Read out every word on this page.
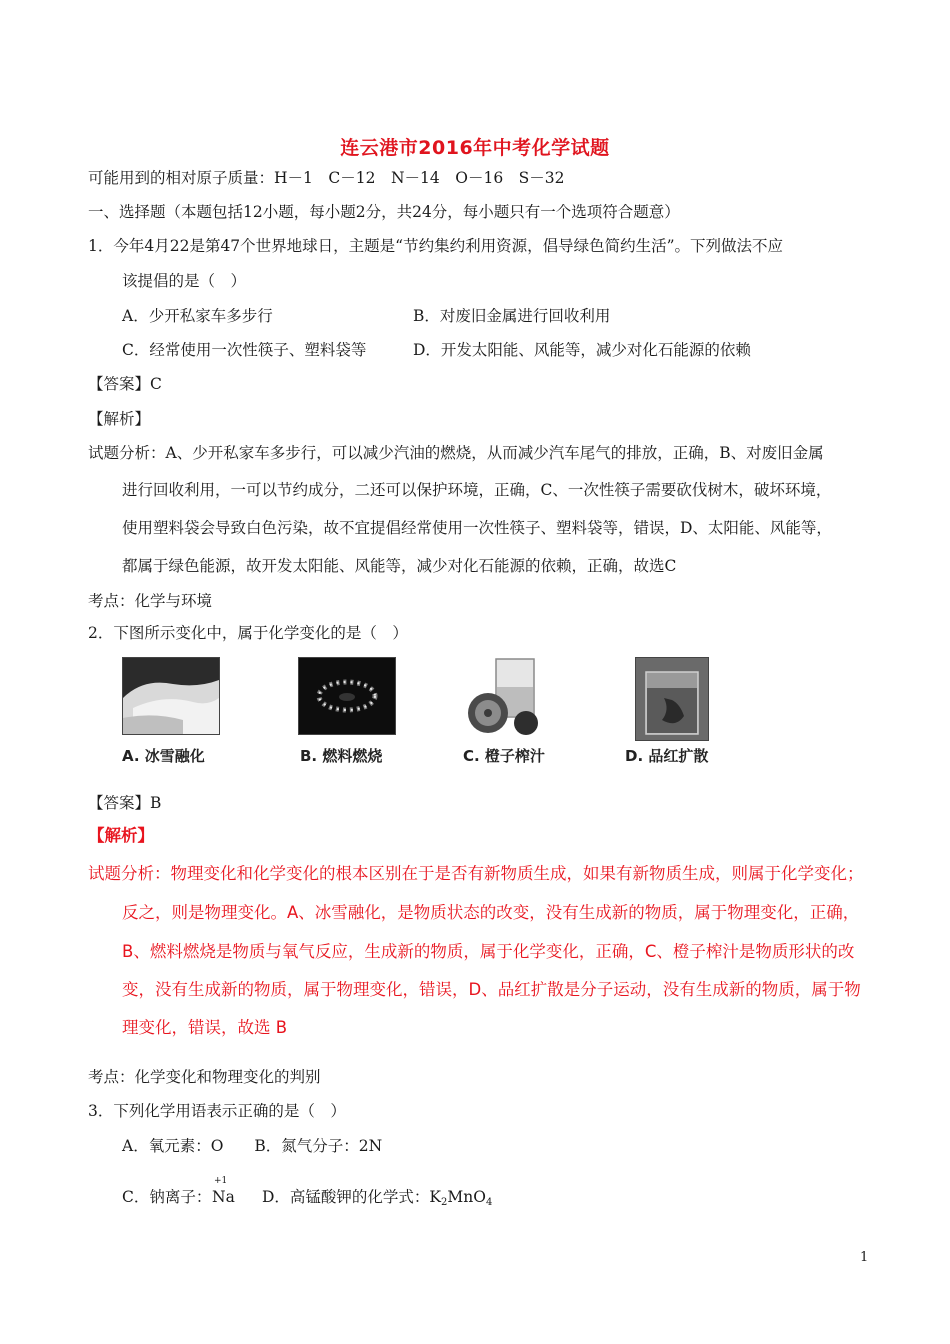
连云港市2016年中考化学试题
可能用到的相对原子质量：H－1　C－12　N－14　O－16　S－32
一、选择题（本题包括12小题，每小题2分，共24分，每小题只有一个选项符合题意）
1．今年4月22是第47个世界地球日，主题是“节约集约利用资源，倡导绿色简约生活”。下列做法不应
该提倡的是（　）
A．少开私家车多步行	B．对废旧金属进行回收利用
C．经常使用一次性筷子、塑料袋等	D．开发太阳能、风能等，减少对化石能源的依赖
【答案】C
【解析】
试题分析：A、少开私家车多步行，可以减少汽油的燃烧，从而减少汽车尾气的排放，正确，B、对废旧金属
进行回收利用，一可以节约成分，二还可以保护环境，正确，C、一次性筷子需要砍伐树木，破坏环境，
使用塑料袋会导致白色污染，故不宜提倡经常使用一次性筷子、塑料袋等，错误，D、太阳能、风能等，
都属于绿色能源，故开发太阳能、风能等，减少对化石能源的依赖，正确，故选C
考点：化学与环境
2．下图所示变化中，属于化学变化的是（　）
A. 冰雪融化	B. 燃料燃烧	C. 橙子榨汁	D. 品红扩散
【答案】B
【解析】
试题分析：物理变化和化学变化的根本区别在于是否有新物质生成，如果有新物质生成，则属于化学变化；
反之，则是物理变化。A、冰雪融化，是物质状态的改变，没有生成新的物质，属于物理变化，正确，
B、燃料燃烧是物质与氧气反应，生成新的物质，属于化学变化，正确，C、橙子榨汁是物质形状的改
变，没有生成新的物质，属于物理变化，错误，D、品红扩散是分子运动，没有生成新的物质，属于物
理变化，错误，故选 B
考点：化学变化和物理变化的判别
3．下列化学用语表示正确的是（　）
A．氧元素：O　　B．氮气分子：2N
C．钠离子：
+1
Na D．高锰酸钾的化学式：$K_2MnO_4$
1
